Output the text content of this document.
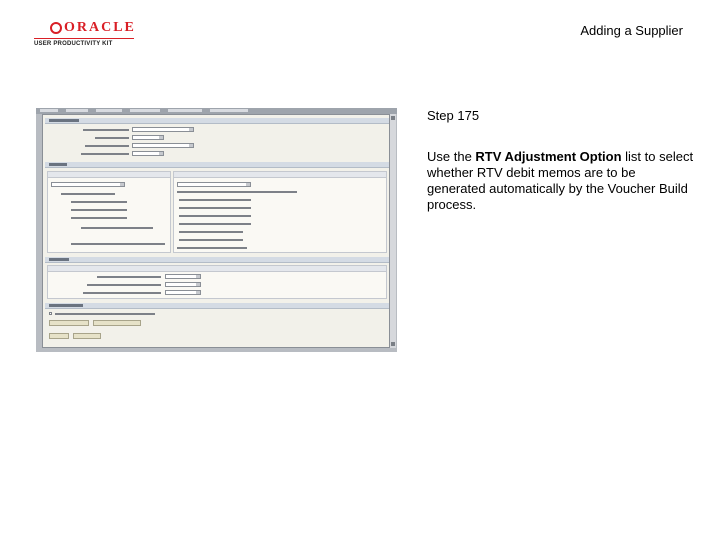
ORACLE
USER PRODUCTIVITY KIT
Adding a Supplier
Step 175
Use the RTV Adjustment Option list to select whether RTV debit memos are to be generated automatically by the Voucher Build process.
